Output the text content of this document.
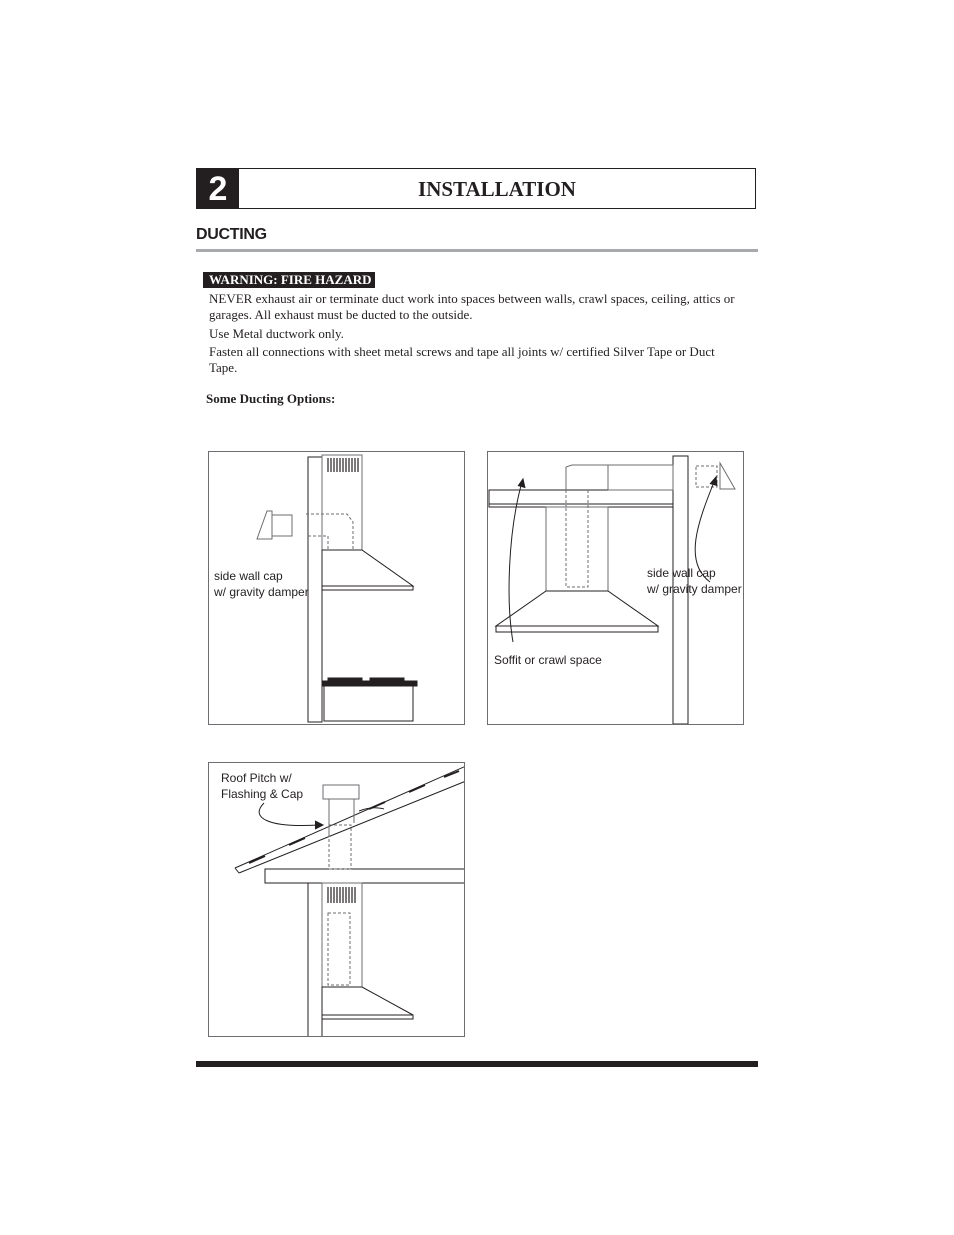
2	INSTALLATION
DUCTING
WARNING: FIRE HAZARD
NEVER exhaust air or terminate duct work into spaces between walls, crawl spaces, ceiling, attics or garages. All exhaust must be ducted to the outside.
Use Metal ductwork only.
Fasten all connections with sheet metal screws and tape all joints w/ certified Silver Tape or Duct Tape.
Some Ducting Options:
side wall cap
w/ gravity damper
side wall cap
w/ gravity damper
Soffit or crawl space
Roof Pitch w/
Flashing & Cap
